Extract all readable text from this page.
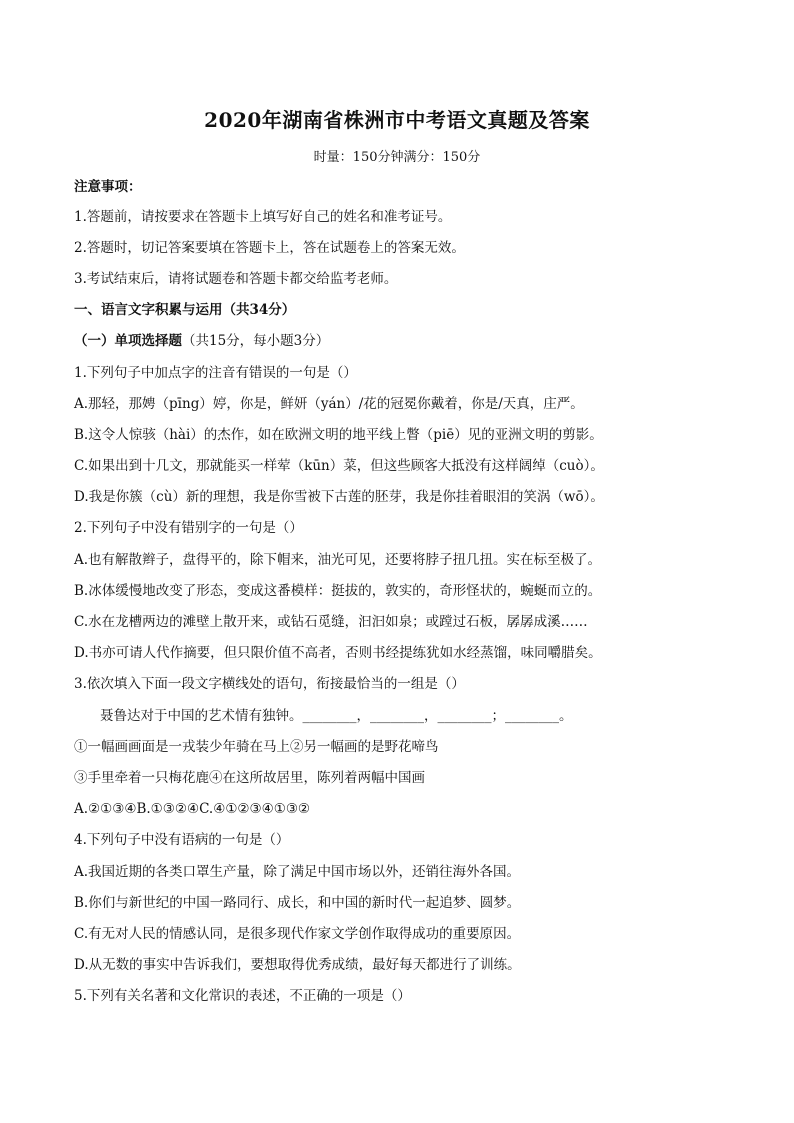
2020年湖南省株洲市中考语文真题及答案
时量：150分钟满分：150分
注意事项：
1.答题前，请按要求在答题卡上填写好自己的姓名和准考证号。
2.答题时，切记答案要填在答题卡上，答在试题卷上的答案无效。
3.考试结束后，请将试题卷和答题卡都交给监考老师。
一、语言文字积累与运用（共34分）
（一）单项选择题（共15分，每小题3分）
1.下列句子中加点字的注音有错误的一句是（）
A.那轻，那娉（pīng）婷，你是，鲜妍（yán）/花的冠冕你戴着，你是/天真，庄严。
B.这令人惊骇（hài）的杰作，如在欧洲文明的地平线上瞥（piē）见的亚洲文明的剪影。
C.如果出到十几文，那就能买一样荤（kūn）菜，但这些顾客大抵没有这样阔绰（cuò）。
D.我是你簇（cù）新的理想，我是你雪被下古莲的胚芽，我是你挂着眼泪的笑涡（wō）。
2.下列句子中没有错别字的一句是（）
A.也有解散辫子，盘得平的，除下帽来，油光可见，还要将脖子扭几扭。实在标至极了。
B.冰体缓慢地改变了形态，变成这番模样：挺拔的，敦实的，奇形怪状的，蜿蜒而立的。
C.水在龙槽两边的滩壁上散开来，或钻石觅缝，汩汩如泉；或蹚过石板，孱孱成溪……
D.书亦可请人代作摘要，但只限价值不高者，否则书经提练犹如水经蒸馏，味同嚼腊矣。
3.依次填入下面一段文字横线处的语句，衔接最恰当的一组是（）
聂鲁达对于中国的艺术情有独钟。________，________，________；________。
①一幅画画面是一戎装少年骑在马上②另一幅画的是野花啼鸟
③手里牵着一只梅花鹿④在这所故居里，陈列着两幅中国画
A.②①③④B.①③②④C.④①②③④①③②
4.下列句子中没有语病的一句是（）
A.我国近期的各类口罩生产量，除了满足中国市场以外，还销往海外各国。
B.你们与新世纪的中国一路同行、成长，和中国的新时代一起追梦、圆梦。
C.有无对人民的情感认同，是很多现代作家文学创作取得成功的重要原因。
D.从无数的事实中告诉我们，要想取得优秀成绩，最好每天都进行了训练。
5.下列有关名著和文化常识的表述，不正确的一项是（）
